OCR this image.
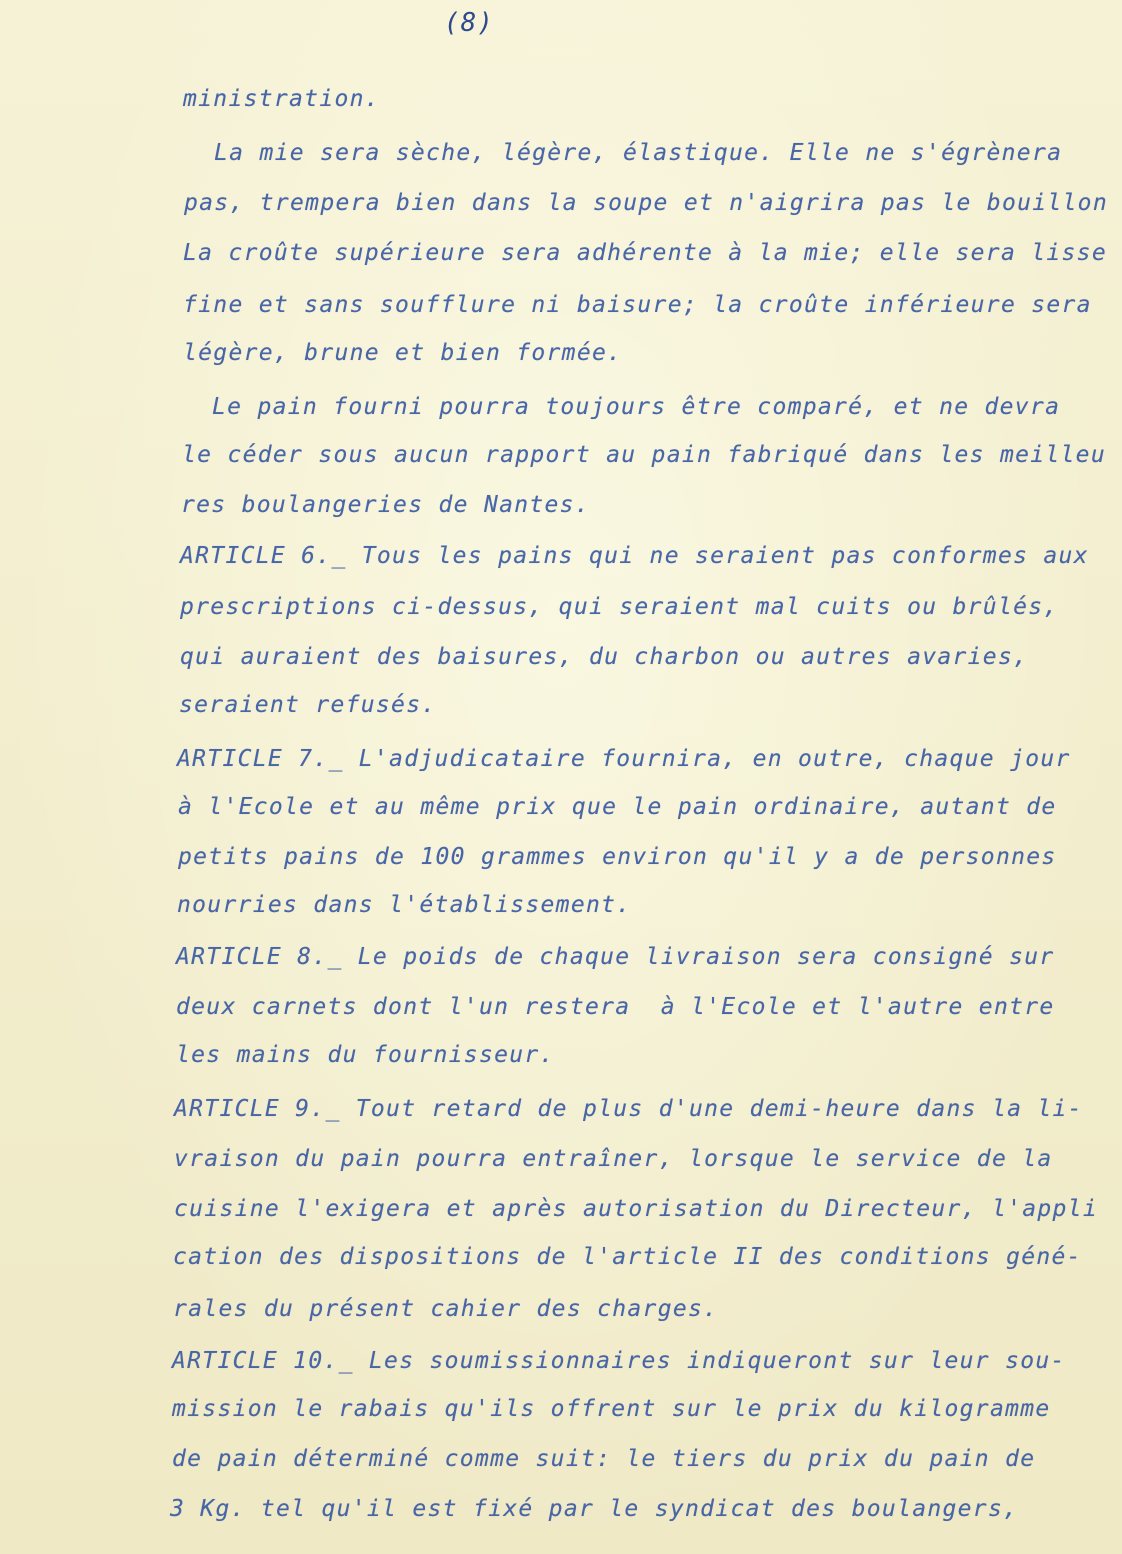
(8)
ministration.
La mie sera sèche, légère, élastique. Elle ne s'égrènera
pas, trempera bien dans la soupe et n'aigrira pas le bouillon
La croûte supérieure sera adhérente à la mie; elle sera lisse
fine et sans soufflure ni baisure; la croûte inférieure sera
légère, brune et bien formée.
Le pain fourni pourra toujours être comparé, et ne devra
le céder sous aucun rapport au pain fabriqué dans les meilleu
res boulangeries de Nantes.
ARTICLE 6._ Tous les pains qui ne seraient pas conformes aux
prescriptions ci-dessus, qui seraient mal cuits ou brûlés,
qui auraient des baisures, du charbon ou autres avaries,
seraient refusés.
ARTICLE 7._ L'adjudicataire fournira, en outre, chaque jour
à l'Ecole et au même prix que le pain ordinaire, autant de
petits pains de 100 grammes environ qu'il y a de personnes
nourries dans l'établissement.
ARTICLE 8._ Le poids de chaque livraison sera consigné sur
deux carnets dont l'un restera  à l'Ecole et l'autre entre
les mains du fournisseur.
ARTICLE 9._ Tout retard de plus d'une demi-heure dans la li-
vraison du pain pourra entraîner, lorsque le service de la
cuisine l'exigera et après autorisation du Directeur, l'appli
cation des dispositions de l'article II des conditions géné-
rales du présent cahier des charges.
ARTICLE 10._ Les soumissionnaires indiqueront sur leur sou-
mission le rabais qu'ils offrent sur le prix du kilogramme
de pain déterminé comme suit: le tiers du prix du pain de
3 Kg. tel qu'il est fixé par le syndicat des boulangers,
